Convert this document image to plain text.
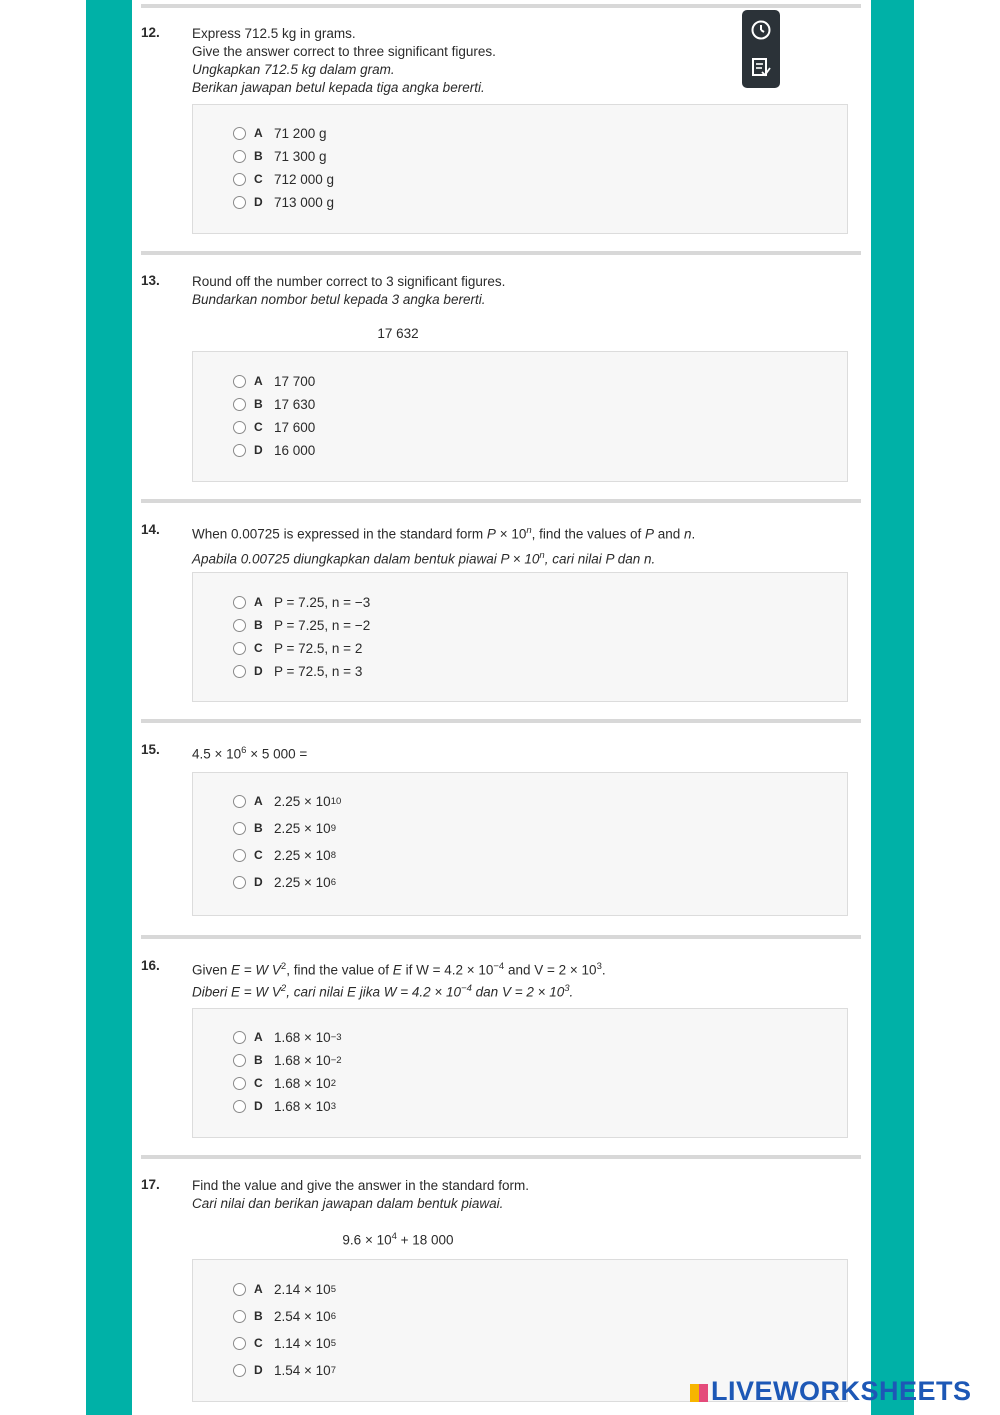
12. Express 712.5 kg in grams.
Give the answer correct to three significant figures.
Ungkapkan 712.5 kg dalam gram.
Berikan jawapan betul kepada tiga angka bererti.
A 71 200 g
B 71 300 g
C 712 000 g
D 713 000 g
13. Round off the number correct to 3 significant figures.
Bundarkan nombor betul kepada 3 angka bererti.
17 632
A 17 700
B 17 630
C 17 600
D 16 000
14. When 0.00725 is expressed in the standard form $P \times 10^n$, find the values of P and n.
Apabila 0.00725 diungkapkan dalam bentuk piawai $P \times 10^n$, cari nilai P dan n.
A P = 7.25, n = −3
B P = 7.25, n = −2
C P = 72.5, n = 2
D P = 72.5, n = 3
15. $4.5 \times 10^6 \times 5$ 000 =
A 2.25 × 10 10
B 2.25 × 10 9
C 2.25 × 10 8
D 2.25 × 10 6
16. Given E = W $V^2$, find the value of E if $W = 4.2 \times 10^{-4}$ and $V = 2 \times 10^3$.
Diberi E = W $V^2$, cari nilai E jika $W = 4.2 \times 10^{-4}$ dan $V = 2 \times 10^3$.
A 1.68 × 10 −3
B 1.68 × 10 −2
C 1.68 × 10 2
D 1.68 × 10 3
17. Find the value and give the answer in the standard form.
Cari nilai dan berikan jawapan dalam bentuk piawai.
$9.6 \times 10^4 + 18$ 000
A 2.14 × 10 5
B 2.54 × 10 6
C 1.14 × 10 5
D 1.54 × 10 7
LIVEWORKSHEETS
